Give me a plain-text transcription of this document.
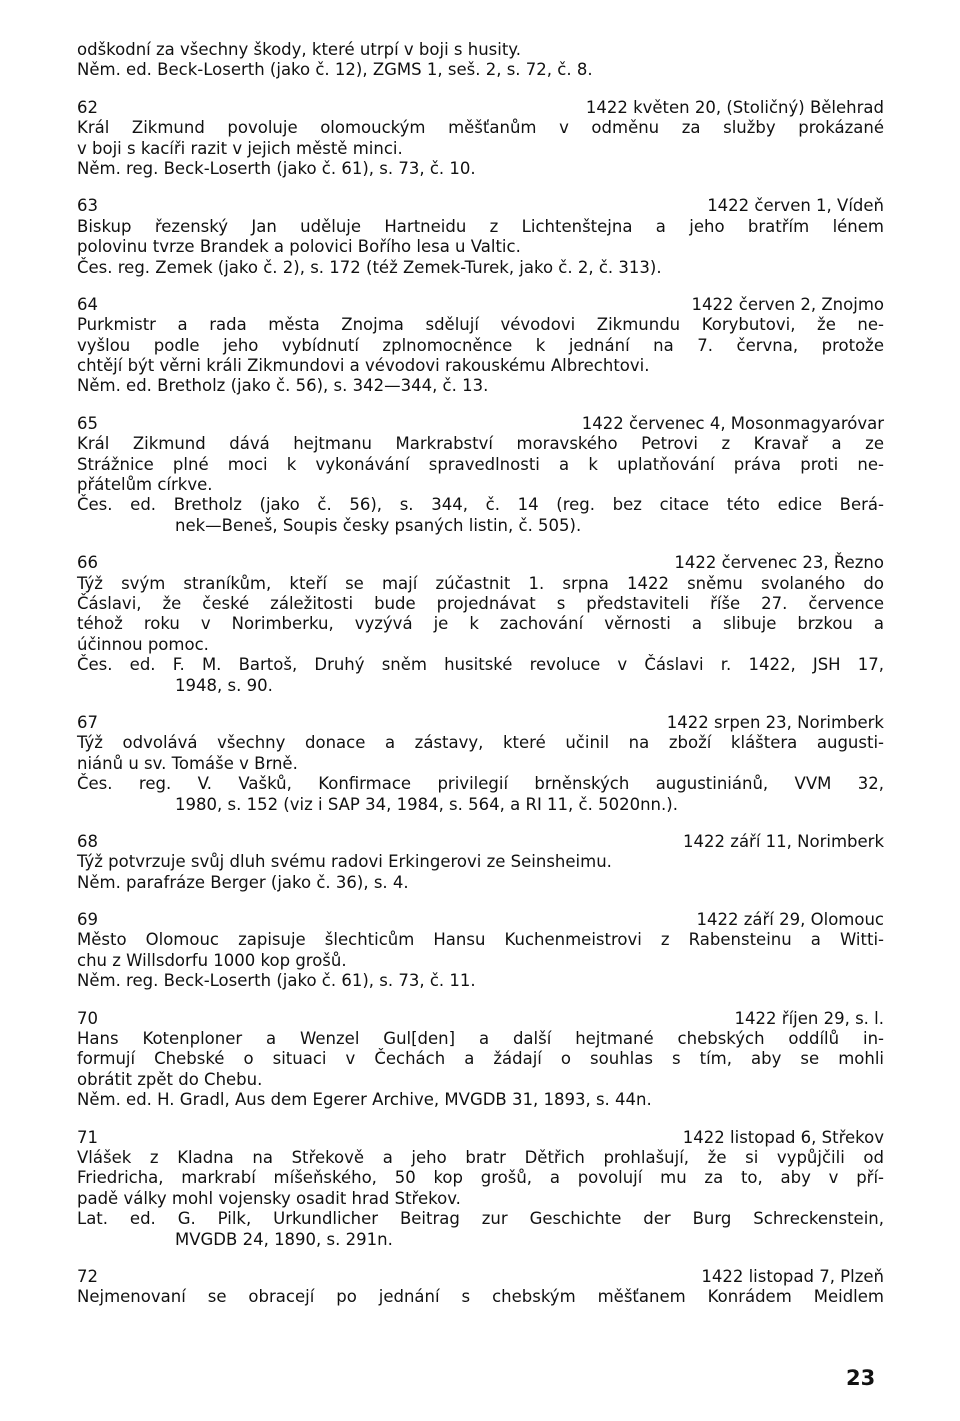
odškodní za všechny škody, které utrpí v boji s husity.
Něm. ed. Beck-Loserth (jako č. 12), ZGMS 1, seš. 2, s. 72, č. 8.
62	1422 květen 20, (Stoličný) Bělehrad
Král Zikmund povoluje olomouckým měšťanům v odměnu za služby prokázané
v boji s kacíři razit v jejich městě minci.
Něm. reg. Beck-Loserth (jako č. 61), s. 73, č. 10.
63	1422 červen 1, Vídeň
Biskup řezenský Jan uděluje Hartneidu z Lichtenštejna a jeho bratřím lénem
polovinu tvrze Brandek a polovici Bořího lesa u Valtic.
Čes. reg. Zemek (jako č. 2), s. 172 (též Zemek-Turek, jako č. 2, č. 313).
64	1422 červen 2, Znojmo
Purkmistr a rada města Znojma sdělují vévodovi Zikmundu Korybutovi, že ne-
vyšlou podle jeho vybídnutí zplnomocněnce k jednání na 7. června, protože
chtějí být věrni králi Zikmundovi a vévodovi rakouskému Albrechtovi.
Něm. ed. Bretholz (jako č. 56), s. 342—344, č. 13.
65	1422 červenec 4, Mosonmagyaróvar
Král Zikmund dává hejtmanu Markrabství moravského Petrovi z Kravař a ze
Strážnice plné moci k vykonávání spravedlnosti a k uplatňování práva proti ne-
přátelům církve.
Čes. ed. Bretholz (jako č. 56), s. 344, č. 14 (reg. bez citace této edice Berá-
nek—Beneš, Soupis česky psaných listin, č. 505).
66	1422 červenec 23, Řezno
Týž svým straníkům, kteří se mají zúčastnit 1. srpna 1422 sněmu svolaného do
Čáslavi, že české záležitosti bude projednávat s představiteli říše 27. července
téhož roku v Norimberku, vyzývá je k zachování věrnosti a slibuje brzkou a
účinnou pomoc.
Čes. ed. F. M. Bartoš, Druhý sněm husitské revoluce v Čáslavi r. 1422, JSH 17,
1948, s. 90.
67	1422 srpen 23, Norimberk
Týž odvolává všechny donace a zástavy, které učinil na zboží kláštera augusti-
niánů u sv. Tomáše v Brně.
Čes. reg. V. Vašků, Konfirmace privilegií brněnských augustiniánů, VVM 32,
1980, s. 152 (viz i SAP 34, 1984, s. 564, a RI 11, č. 5020nn.).
68	1422 září 11, Norimberk
Týž potvrzuje svůj dluh svému radovi Erkingerovi ze Seinsheimu.
Něm. parafráze Berger (jako č. 36), s. 4.
69	1422 září 29, Olomouc
Město Olomouc zapisuje šlechticům Hansu Kuchenmeistrovi z Rabensteinu a Witti-
chu z Willsdorfu 1000 kop grošů.
Něm. reg. Beck-Loserth (jako č. 61), s. 73, č. 11.
70	1422 říjen 29, s. l.
Hans Kotenploner a Wenzel Gul[den] a další hejtmané chebských oddílů in-
formují Chebské o situaci v Čechách a žádají o souhlas s tím, aby se mohli
obrátit zpět do Chebu.
Něm. ed. H. Gradl, Aus dem Egerer Archive, MVGDB 31, 1893, s. 44n.
71	1422 listopad 6, Střekov
Vlášek z Kladna na Střekově a jeho bratr Dětřich prohlašují, že si vypůjčili od
Friedricha, markrabí míšeňského, 50 kop grošů, a povolují mu za to, aby v pří-
padě války mohl vojensky osadit hrad Střekov.
Lat. ed. G. Pilk, Urkundlicher Beitrag zur Geschichte der Burg Schreckenstein,
MVGDB 24, 1890, s. 291n.
72	1422 listopad 7, Plzeň
Nejmenovaní se obracejí po jednání s chebským měšťanem Konrádem Meidlem
23
